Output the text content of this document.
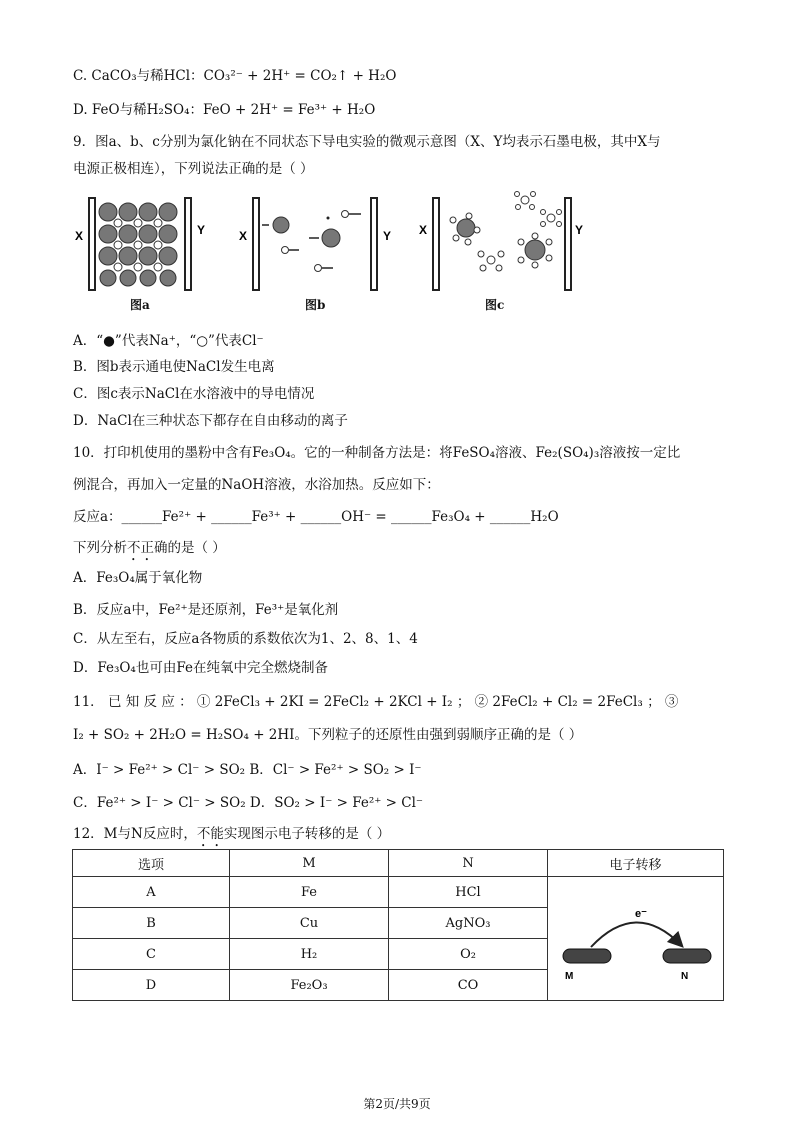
C. CaCO₃与稀HCl：CO₃²⁻ + 2H⁺ = CO₂↑ + H₂O
D. FeO与稀H₂SO₄：FeO + 2H⁺ = Fe³⁺ + H₂O
9．图a、b、c分别为氯化钠在不同状态下导电实验的微观示意图（X、Y均表示石墨电极，其中X与
电源正极相连），下列说法正确的是（ ）
X	Y	X	Y X	Y
图a	图b	图c
A．“●”代表Na⁺，“○”代表Cl⁻
B．图b表示通电使NaCl发生电离
C．图c表示NaCl在水溶液中的导电情况
D．NaCl在三种状态下都存在自由移动的离子
10．打印机使用的墨粉中含有Fe₃O₄。它的一种制备方法是：将FeSO₄溶液、Fe₂(SO₄)₃溶液按一定比
例混合，再加入一定量的NaOH溶液，水浴加热。反应如下：
反应a：______Fe²⁺ + ______Fe³⁺ + ______OH⁻ = ______Fe₃O₄ + ______H₂O
下列分析不正确的是（ ）
A．Fe₃O₄属于氧化物
B．反应a中，Fe²⁺是还原剂，Fe³⁺是氧化剂
C．从左至右，反应a各物质的系数依次为1、2、8、1、4
D．Fe₃O₄也可由Fe在纯氧中完全燃烧制备
11． 已 知 反 应 ： ① 2FeCl₃ + 2KI = 2FeCl₂ + 2KCl + I₂ ； ② 2FeCl₂ + Cl₂ = 2FeCl₃ ； ③
I₂ + SO₂ + 2H₂O = H₂SO₄ + 2HI。下列粒子的还原性由强到弱顺序正确的是（ ）
A．I⁻ > Fe²⁺ > Cl⁻ > SO₂ B．Cl⁻ > Fe²⁺ > SO₂ > I⁻
C．Fe²⁺ > I⁻ > Cl⁻ > SO₂ D．SO₂ > I⁻ > Fe²⁺ > Cl⁻
12．M与N反应时，不能实现图示电子转移的是（ ）
选项	M	N	电子转移
A	Fe	HCl	e⁻
M N

B	Cu	AgNO₃	
C	H₂	O₂	
D	Fe₂O₃	CO	
第2页/共9页
